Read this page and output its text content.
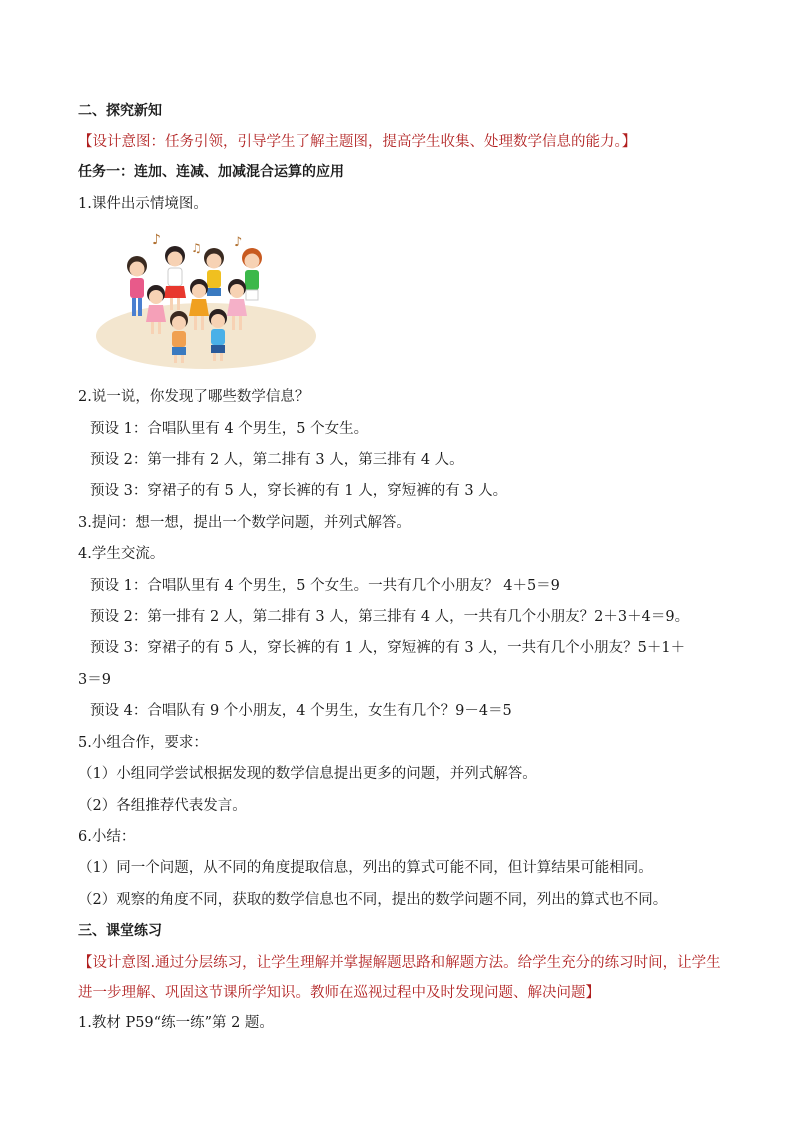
二、探究新知
【设计意图：任务引领，引导学生了解主题图，提高学生收集、处理数学信息的能力。】
任务一：连加、连减、加减混合运算的应用
1.课件出示情境图。
♪	♫ ♪
2.说一说，你发现了哪些数学信息？
预设 1：合唱队里有 4 个男生，5 个女生。
预设 2：第一排有 2 人，第二排有 3 人，第三排有 4 人。
预设 3：穿裙子的有 5 人，穿长裤的有 1 人，穿短裤的有 3 人。
3.提问：想一想，提出一个数学问题，并列式解答。
4.学生交流。
预设 1：合唱队里有 4 个男生，5 个女生。一共有几个小朋友？ 4＋5＝9
预设 2：第一排有 2 人，第二排有 3 人，第三排有 4 人，一共有几个小朋友？2＋3＋4＝9。
预设 3：穿裙子的有 5 人，穿长裤的有 1 人，穿短裤的有 3 人，一共有几个小朋友？5＋1＋
3＝9
预设 4：合唱队有 9 个小朋友，4 个男生，女生有几个？9－4＝5
5.小组合作，要求：
（1）小组同学尝试根据发现的数学信息提出更多的问题，并列式解答。
（2）各组推荐代表发言。
6.小结：
（1）同一个问题，从不同的角度提取信息，列出的算式可能不同，但计算结果可能相同。
（2）观察的角度不同，获取的数学信息也不同，提出的数学问题不同，列出的算式也不同。
三、课堂练习
【设计意图.通过分层练习，让学生理解并掌握解题思路和解题方法。给学生充分的练习时间，让学生进一步理解、巩固这节课所学知识。教师在巡视过程中及时发现问题、解决问题】
1.教材 P59“练一练”第 2 题。
